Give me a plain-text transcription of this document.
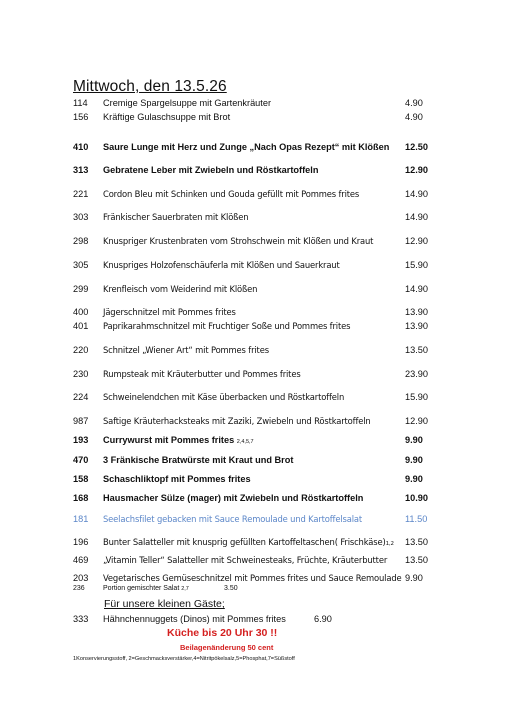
Mittwoch, den 13.5.26
114 Cremige Spargelsuppe mit Gartenkräuter	4.90
156 Kräftige Gulaschsuppe mit Brot	4.90
410 Saure Lunge mit Herz und Zunge „Nach Opas Rezept“ mit Klößen 12.50
313 Gebratene Leber mit Zwiebeln und Röstkartoffeln	12.90
221 Cordon Bleu mit Schinken und Gouda gefüllt mit Pommes frites	14.90
303 Fränkischer Sauerbraten mit Klößen	14.90
298 Knuspriger Krustenbraten vom Strohschwein mit Klößen und Kraut	12.90
305 Knuspriges Holzofenschäuferla mit Klößen und Sauerkraut	15.90
299 Krenfleisch vom Weiderind mit Klößen	14.90
400 Jägerschnitzel mit Pommes frites	13.90
401 Paprikarahmschnitzel mit Fruchtiger Soße und Pommes frites	13.90
220 Schnitzel „Wiener Art“ mit Pommes frites	13.50
230 Rumpsteak mit Kräuterbutter und Pommes frites	23.90
224 Schweinelendchen mit Käse überbacken und Röstkartoffeln	15.90
987 Saftige Kräuterhacksteaks mit Zaziki, Zwiebeln und Röstkartoffeln	12.90
193 Currywurst mit Pommes frites 2,4,5,7	9.90
470 3 Fränkische Bratwürste mit Kraut und Brot	9.90
158 Schaschliktopf mit Pommes frites	9.90
168 Hausmacher Sülze (mager) mit Zwiebeln und Röstkartoffeln	10.90
181 Seelachsfilet gebacken mit Sauce Remoulade und Kartoffelsalat	11.50
196 Bunter Salatteller mit knusprig gefüllten Kartoffeltaschen( Frischkäse)1,2 13.50
469 „Vitamin Teller“ Salatteller mit Schweinesteaks, Früchte, Kräuterbutter 13.50
203 Vegetarisches Gemüseschnitzel mit Pommes frites und Sauce Remoulade 9.90
236	Portion gemischter Salat 2,7	3.50
Für unsere kleinen Gäste;
333 Hähnchennuggets (Dinos) mit Pommes frites	6.90
Küche bis 20 Uhr 30 !!
Beilagenänderung 50 cent
1Konservierungsstoff, 2=Geschmacksverstärker,4=Nitritpökelsalz,5=Phosphat,7=Süßstoff
